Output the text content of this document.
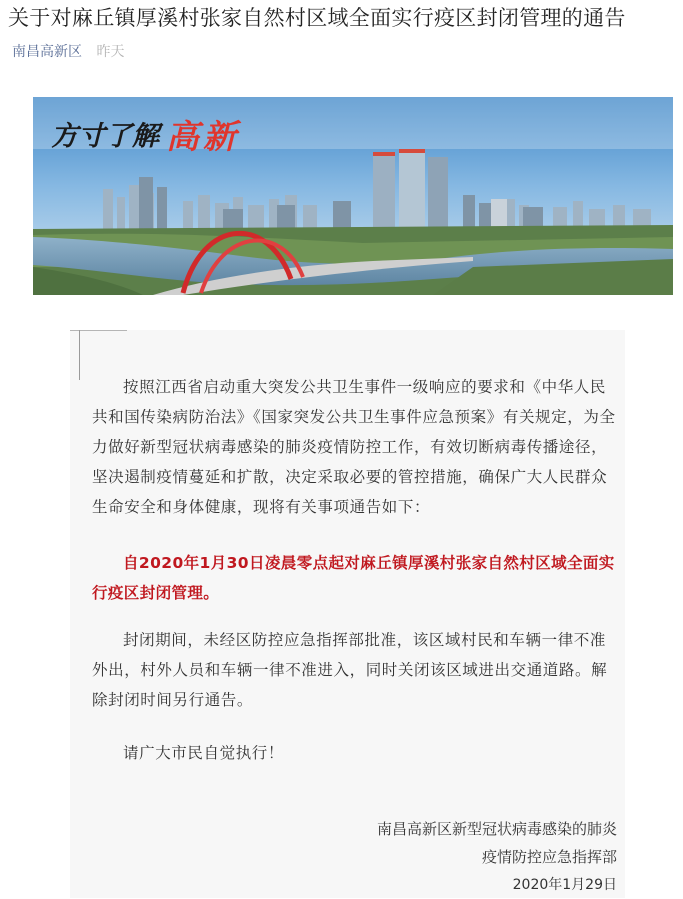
关于对麻丘镇厚溪村张家自然村区域全面实行疫区封闭管理的通告
南昌高新区 昨天
方寸了解 高新

按照江西省启动重大突发公共卫生事件一级响应的要求和《中华人民共和国传染病防治法》《国家突发公共卫生事件应急预案》有关规定，为全力做好新型冠状病毒感染的肺炎疫情防控工作，有效切断病毒传播途径，坚决遏制疫情蔓延和扩散，决定采取必要的管控措施，确保广大人民群众生命安全和身体健康，现将有关事项通告如下：

自2020年1月30日凌晨零点起对麻丘镇厚溪村张家自然村区域全面实行疫区封闭管理。

封闭期间，未经区防控应急指挥部批准，该区域村民和车辆一律不准外出，村外人员和车辆一律不准进入，同时关闭该区域进出交通道路。解除封闭时间另行通告。

请广大市民自觉执行！

南昌高新区新型冠状病毒感染的肺炎
疫情防控应急指挥部
2020年1月29日
